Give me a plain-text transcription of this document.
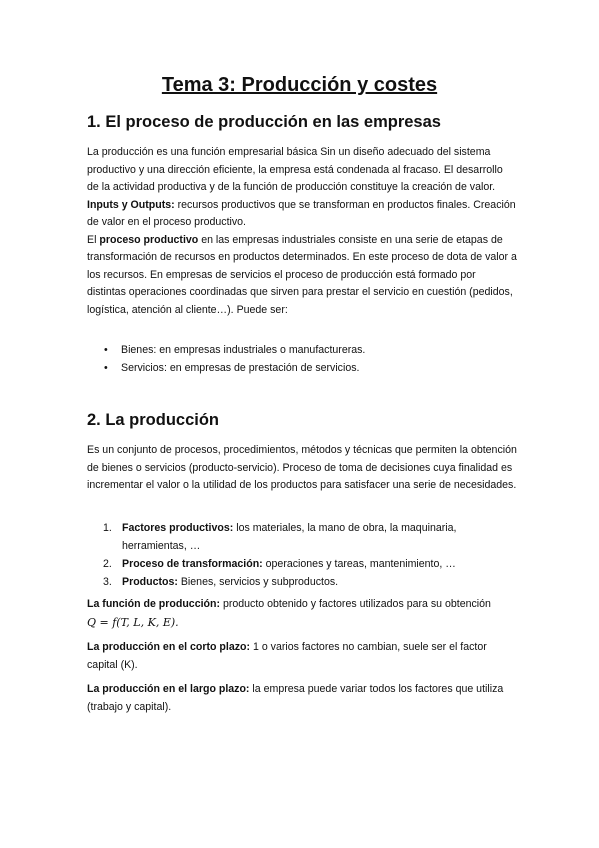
Tema 3: Producción y costes
1. El proceso de producción en las empresas

La producción es una función empresarial básica Sin un diseño adecuado del sistema productivo y una dirección eficiente, la empresa está condenada al fracaso. El desarrollo de la actividad productiva y de la función de producción constituye la creación de valor.

Inputs y Outputs: recursos productivos que se transforman en productos finales. Creación de valor en el proceso productivo.

El proceso productivo en las empresas industriales consiste en una serie de etapas de transformación de recursos en productos determinados. En este proceso de dota de valor a los recursos. En empresas de servicios el proceso de producción está formado por distintas operaciones coordinadas que sirven para prestar el servicio en cuestión (pedidos, logística, atención al cliente…). Puede ser:

• Bienes: en empresas industriales o manufactureras.
• Servicios: en empresas de prestación de servicios.
2. La producción
Es un conjunto de procesos, procedimientos, métodos y técnicas que permiten la obtención de bienes o servicios (producto-servicio). Proceso de toma de decisiones cuya finalidad es incrementar el valor o la utilidad de los productos para satisfacer una serie de necesidades.
1. Factores productivos: los materiales, la mano de obra, la maquinaria, herramientas, …
2. Proceso de transformación: operaciones y tareas, mantenimiento, …
3. Productos: Bienes, servicios y subproductos.
La función de producción: producto obtenido y factores utilizados para su obtención
Q = f(T, L, K, E).
La producción en el corto plazo: 1 o varios factores no cambian, suele ser el factor capital (K).
La producción en el largo plazo: la empresa puede variar todos los factores que utiliza (trabajo y capital).
